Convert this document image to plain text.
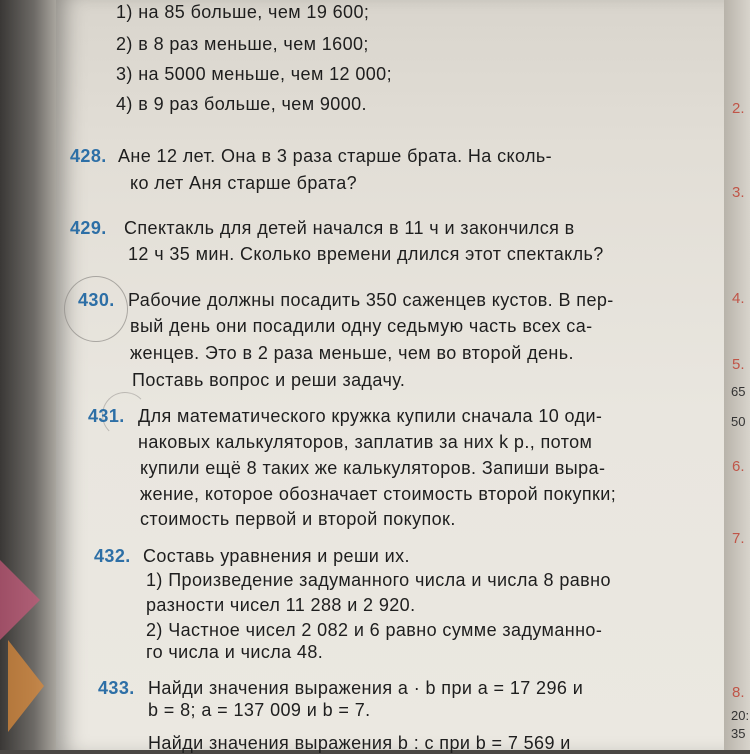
2.
3.
4.
5.
65
50
6.
7.
8.
20:
35
1) на 85 больше, чем 19 600;
2) в 8 раз меньше, чем 1600;
3) на 5000 меньше, чем 12 000;
4) в 9 раз больше, чем 9000.
428. Ане 12 лет. Она в 3 раза старше брата. На сколь-
ко лет Аня старше брата?
429. Спектакль для детей начался в 11 ч и закончился в
12 ч 35 мин. Сколько времени длился этот спектакль?
430. Рабочие должны посадить 350 саженцев кустов. В пер-
вый день они посадили одну седьмую часть всех са-
женцев. Это в 2 раза меньше, чем во второй день.
Поставь вопрос и реши задачу.
431. Для математического кружка купили сначала 10 оди-
наковых калькуляторов, заплатив за них k р., потом
купили ещё 8 таких же калькуляторов. Запиши выра-
жение, которое обозначает стоимость второй покупки;
стоимость первой и второй покупок.
432. Составь уравнения и реши их.
1) Произведение задуманного числа и числа 8 равно
разности чисел 11 288 и 2 920.
2) Частное чисел 2 082 и 6 равно сумме задуманно-
го числа и числа 48.
433. Найди значения выражения a · b при a = 17 296 и
b = 8; a = 137 009 и b = 7.
Найди значения выражения b : c при b = 7 569 и
